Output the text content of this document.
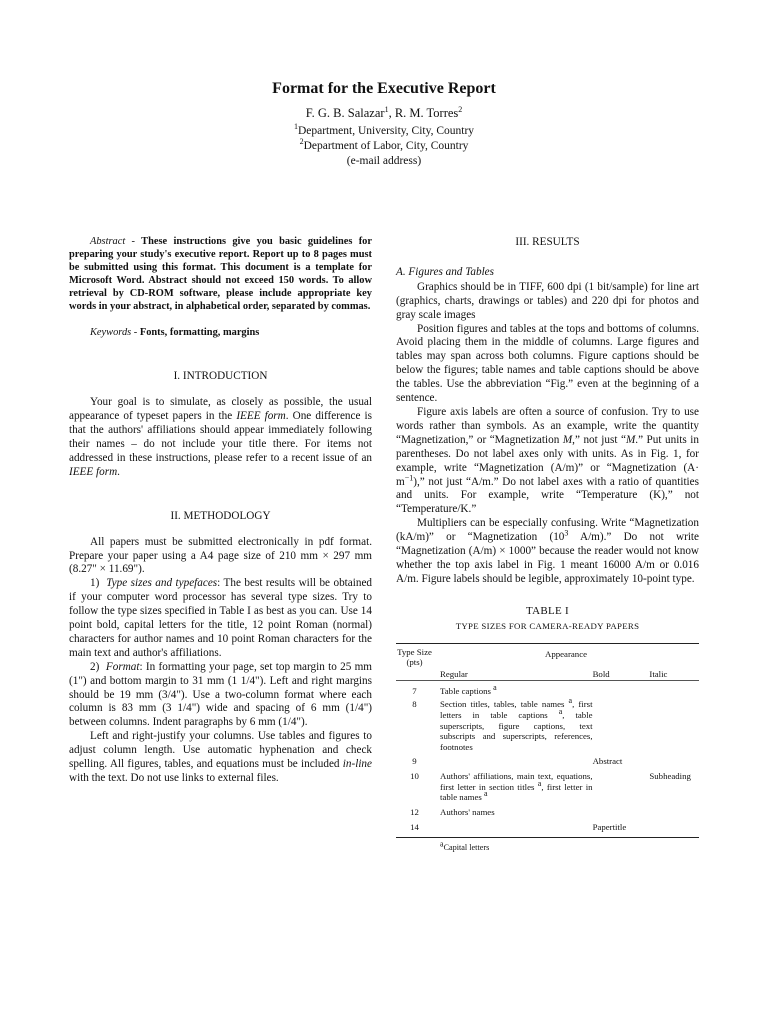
Format for the Executive Report
F. G. B. Salazar$^1$, R. M. Torres$^2$
$^1$Department, University, City, Country
$^2$Department of Labor, City, Country
(e-mail address)

Abstract - These instructions give you basic guidelines for preparing your study's executive report. Report up to 8 pages must be submitted using this format. This document is a template for Microsoft Word. Abstract should not exceed 150 words. To allow retrieval by CD-ROM software, please include appropriate key words in your abstract, in alphabetical order, separated by commas.

Keywords - Fonts, formatting, margins

I. INTRODUCTION

Your goal is to simulate, as closely as possible, the usual appearance of typeset papers in the IEEE form. One difference is that the authors' affiliations should appear immediately following their names – do not include your title there. For items not addressed in these instructions, please refer to a recent issue of an IEEE form.

II. METHODOLOGY

All papers must be submitted electronically in pdf format. Prepare your paper using a A4 page size of 210 mm × 297 mm (8.27" × 11.69").

1) Type sizes and typefaces: The best results will be obtained if your computer word processor has several type sizes. Try to follow the type sizes specified in Table I as best as you can. Use 14 point bold, capital letters for the title, 12 point Roman (normal) characters for author names and 10 point Roman characters for the main text and author's affiliations.

2) Format: In formatting your page, set top margin to 25 mm (1") and bottom margin to 31 mm (1 1/4"). Left and right margins should be 19 mm (3/4"). Use a two-column format where each column is 83 mm (3 1/4") wide and spacing of 6 mm (1/4") between columns. Indent paragraphs by 6 mm (1/4").

Left and right-justify your columns. Use tables and figures to adjust column length. Use automatic hyphenation and check spelling. All figures, tables, and equations must be included in-line with the text. Do not use links to external files.

III. RESULTS
A. Figures and Tables

Graphics should be in TIFF, 600 dpi (1 bit/sample) for line art (graphics, charts, drawings or tables) and 220 dpi for photos and gray scale images

Position figures and tables at the tops and bottoms of columns. Avoid placing them in the middle of columns. Large figures and tables may span across both columns. Figure captions should be below the figures; table names and table captions should be above the tables. Use the abbreviation “Fig.” even at the beginning of a sentence.

Figure axis labels are often a source of confusion. Try to use words rather than symbols. As an example, write the quantity “Magnetization,” or “Magnetization M,” not just “M.” Put units in parentheses. Do not label axes only with units. As in Fig. 1, for example, write “Magnetization (A/m)” or “Magnetization $(A\cdot m^{-1})$,” not just “A/m.” Do not label axes with a ratio of quantities and units. For example, write “Temperature (K),” not “Temperature/K.”

Multipliers can be especially confusing. Write “Magnetization (kA/m)” or “Magnetization ($10^3$ A/m).” Do not write “Magnetization (A/m) × 1000” because the reader would not know whether the top axis label in Fig. 1 meant 16000 A/m or 0.016 A/m. Figure labels should be legible, approximately 10-point type.

TABLE I
TYPE SIZES FOR CAMERA-READY PAPERS
Type Size (pts)	Appearance		
	Regular	Bold	Italic
7	Table captions $^a$		
8	Section titles, tables, table names $^a$, first letters in table captions $^a$, table superscripts, figure captions, text subscripts and superscripts, references, footnotes		
9		Abstract	
10	Authors' affiliations, main text, equations, first letter in section titles $^a$, first letter in table names $^a$		Subheading
12	Authors' names		
14		Papertitle	
$^a$Capital letters
